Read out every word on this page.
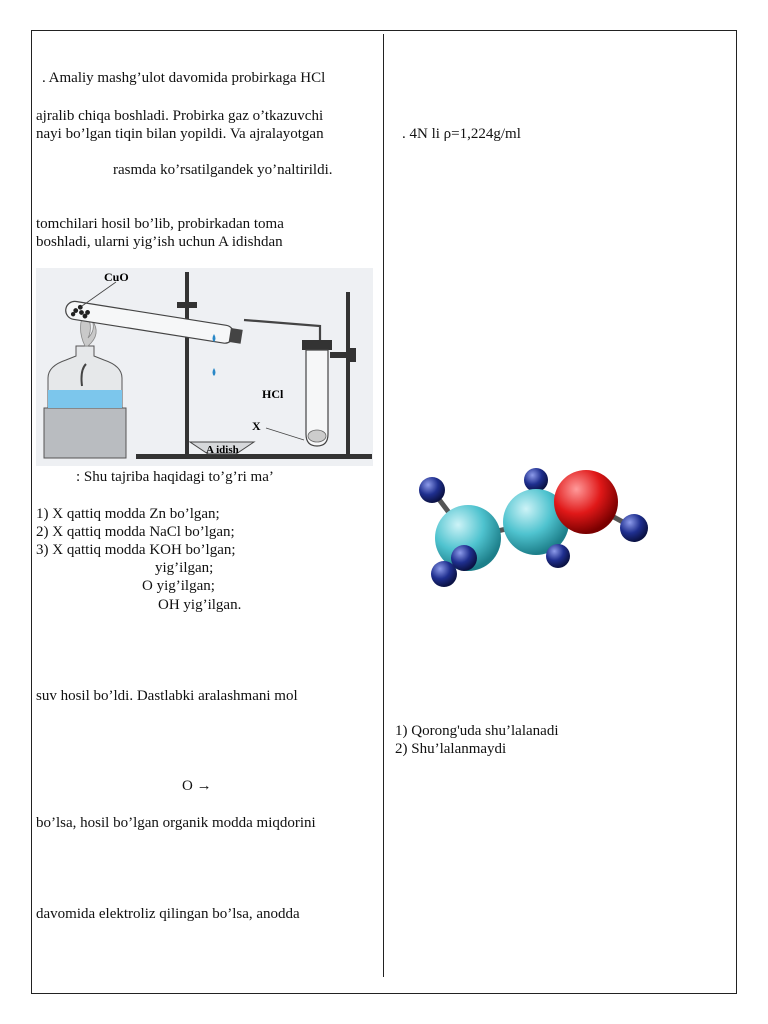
. Amaliy mashg’ulot davomida probirkaga HCl
ajralib chiqa boshladi. Probirka gaz o’tkazuvchi
nayi bo’lgan tiqin bilan yopildi. Va ajralayotgan
rasmda ko’rsatilgandek yo’naltirildi.
tomchilari hosil bo’lib, probirkadan toma
boshladi, ularni yig’ish uchun A idishdan
CuO
HCl
X
A idish
: Shu tajriba haqidagi to’g’ri ma’
1) X qattiq modda Zn bo’lgan;
2) X qattiq modda NaCl bo’lgan;
3) X qattiq modda KOH bo’lgan;
yig’ilgan;
O yig’ilgan;
OH yig’ilgan.
suv hosil bo’ldi. Dastlabki aralashmani mol
O →
bo’lsa, hosil bo’lgan organik modda miqdorini
davomida elektroliz qilingan bo’lsa, anodda
. 4N li ρ=1,224g/ml
1) Qorong'uda shu’lalanadi
2) Shu’lalanmaydi
